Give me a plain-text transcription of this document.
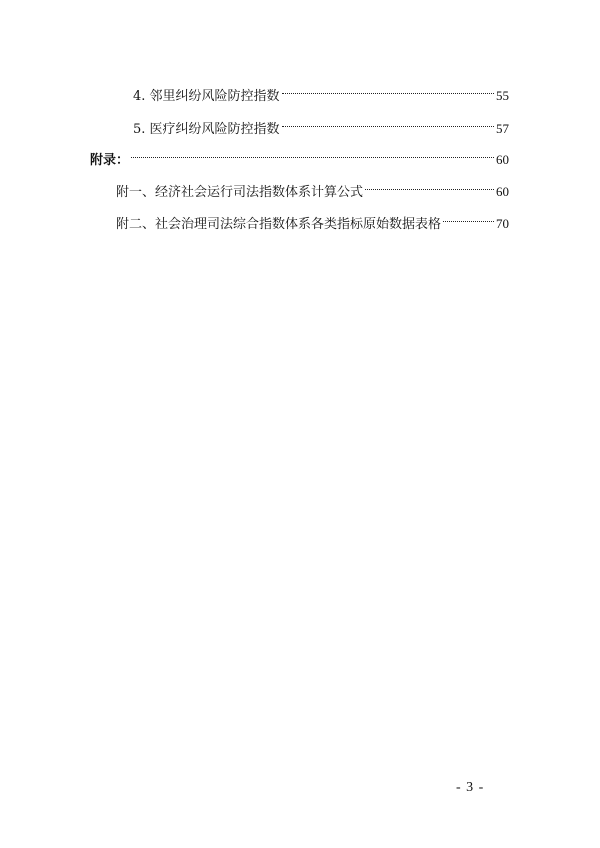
4. 邻里纠纷风险防控指数	55
5. 医疗纠纷风险防控指数	57
附录：	60
附一、经济社会运行司法指数体系计算公式	60
附二、社会治理司法综合指数体系各类指标原始数据表格	70
- 3 -
